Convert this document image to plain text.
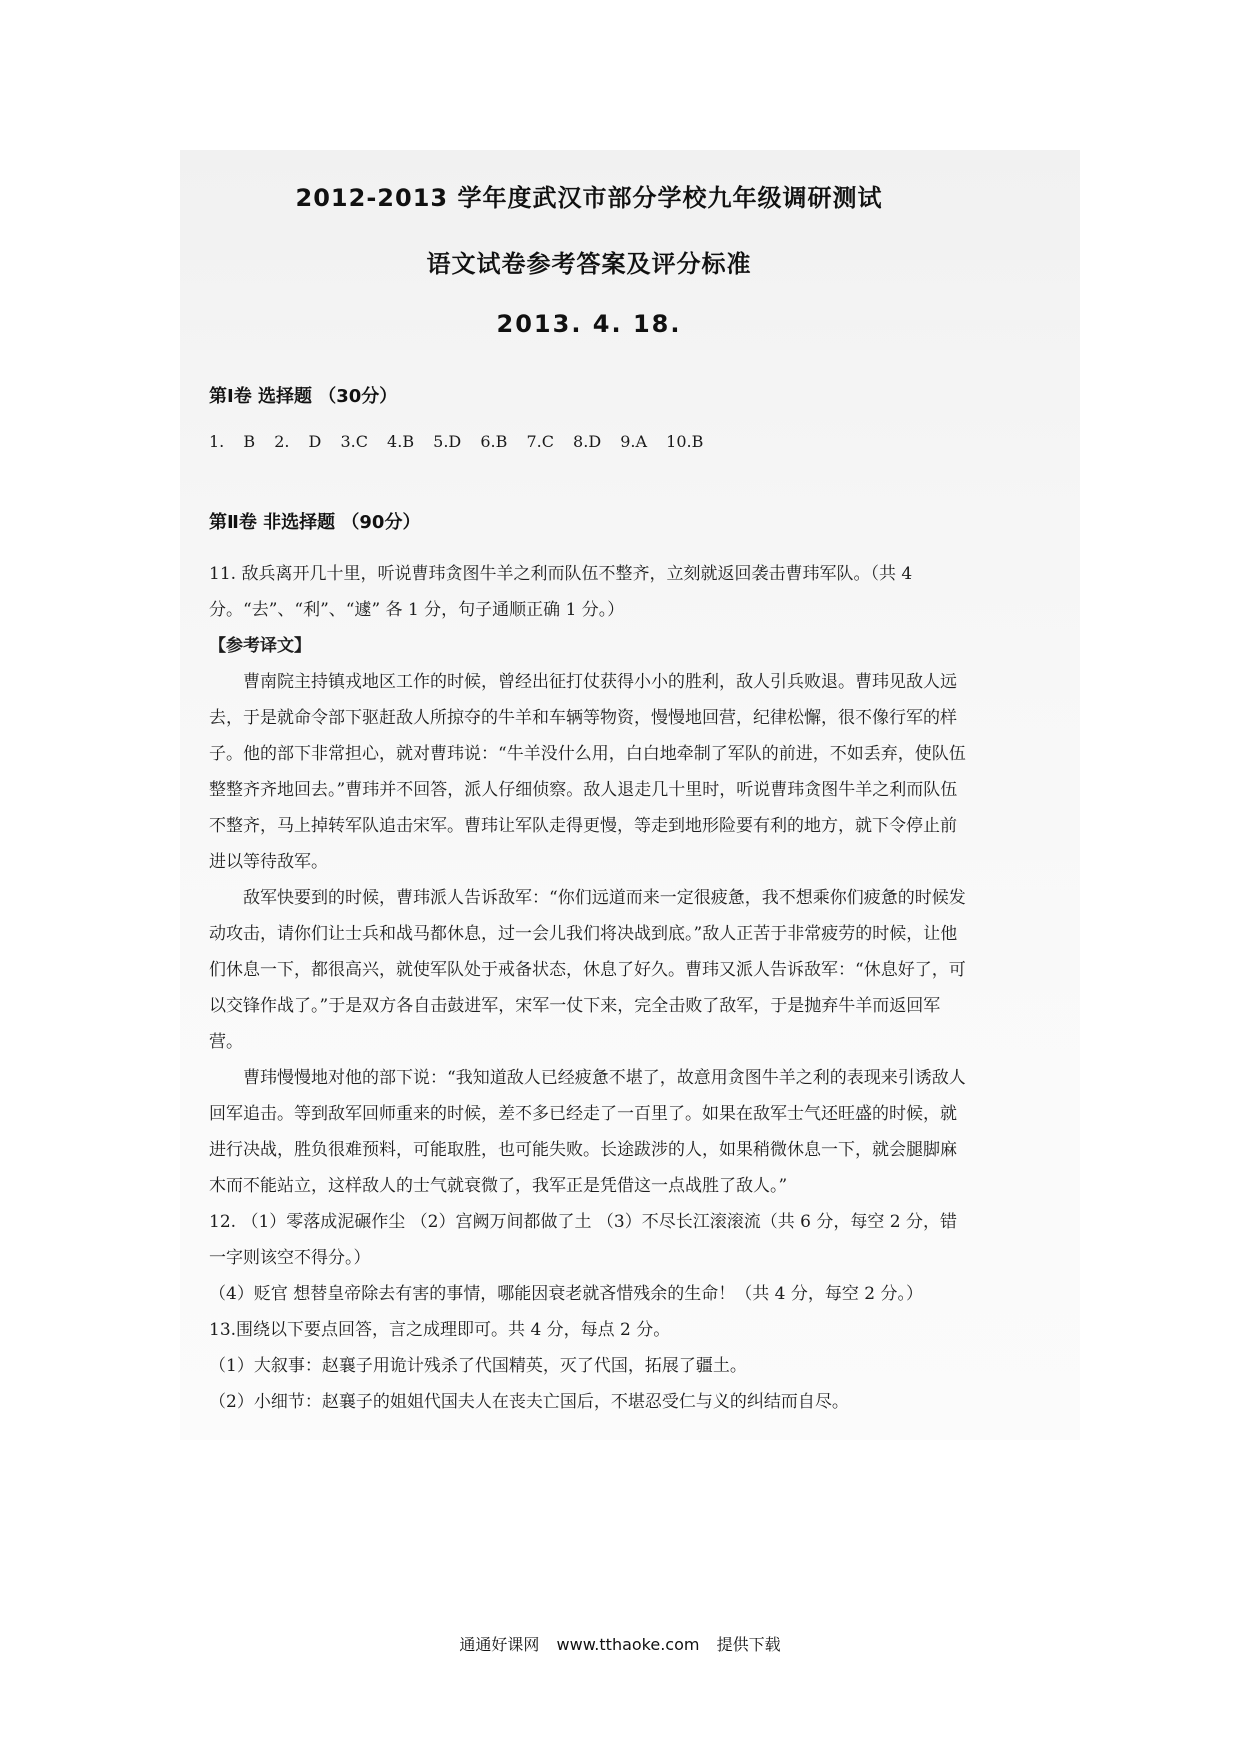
2012-2013 学年度武汉市部分学校九年级调研测试
语文试卷参考答案及评分标准
2013. 4. 18.
第Ⅰ卷 选择题 （30分）
1. B 2. D 3.C 4.B 5.D 6.B 7.C 8.D 9.A 10.B
第Ⅱ卷 非选择题 （90分）

11. 敌兵离开几十里，听说曹玮贪图牛羊之利而队伍不整齐，立刻就返回袭击曹玮军队。（共 4 分。“去”、“利”、“遽” 各 1 分，句子通顺正确 1 分。）

【参考译文】

曹南院主持镇戎地区工作的时候，曾经出征打仗获得小小的胜利，敌人引兵败退。曹玮见敌人远去，于是就命令部下驱赶敌人所掠夺的牛羊和车辆等物资，慢慢地回营，纪律松懈，很不像行军的样子。他的部下非常担心，就对曹玮说：“牛羊没什么用，白白地牵制了军队的前进，不如丢弃，使队伍整整齐齐地回去。”曹玮并不回答，派人仔细侦察。敌人退走几十里时，听说曹玮贪图牛羊之利而队伍不整齐，马上掉转军队追击宋军。曹玮让军队走得更慢，等走到地形险要有利的地方，就下令停止前进以等待敌军。

敌军快要到的时候，曹玮派人告诉敌军：“你们远道而来一定很疲惫，我不想乘你们疲惫的时候发动攻击，请你们让士兵和战马都休息，过一会儿我们将决战到底。”敌人正苦于非常疲劳的时候，让他们休息一下，都很高兴，就使军队处于戒备状态，休息了好久。曹玮又派人告诉敌军：“休息好了，可以交锋作战了。”于是双方各自击鼓进军，宋军一仗下来，完全击败了敌军，于是抛弃牛羊而返回军营。

曹玮慢慢地对他的部下说：“我知道敌人已经疲惫不堪了，故意用贪图牛羊之利的表现来引诱敌人回军追击。等到敌军回师重来的时候，差不多已经走了一百里了。如果在敌军士气还旺盛的时候，就进行决战，胜负很难预料，可能取胜，也可能失败。长途跋涉的人，如果稍微休息一下，就会腿脚麻木而不能站立，这样敌人的士气就衰微了，我军正是凭借这一点战胜了敌人。”

12. （1）零落成泥碾作尘 （2）宫阙万间都做了土 （3）不尽长江滚滚流（共 6 分，每空 2 分，错一字则该空不得分。）

（4）贬官 想替皇帝除去有害的事情，哪能因衰老就吝惜残余的生命！（共 4 分，每空 2 分。）

13.围绕以下要点回答，言之成理即可。共 4 分，每点 2 分。

（1）大叙事：赵襄子用诡计残杀了代国精英，灭了代国，拓展了疆土。

（2）小细节：赵襄子的姐姐代国夫人在丧夫亡国后，不堪忍受仁与义的纠结而自尽。

通通好课网 www.tthaoke.com 提供下载
